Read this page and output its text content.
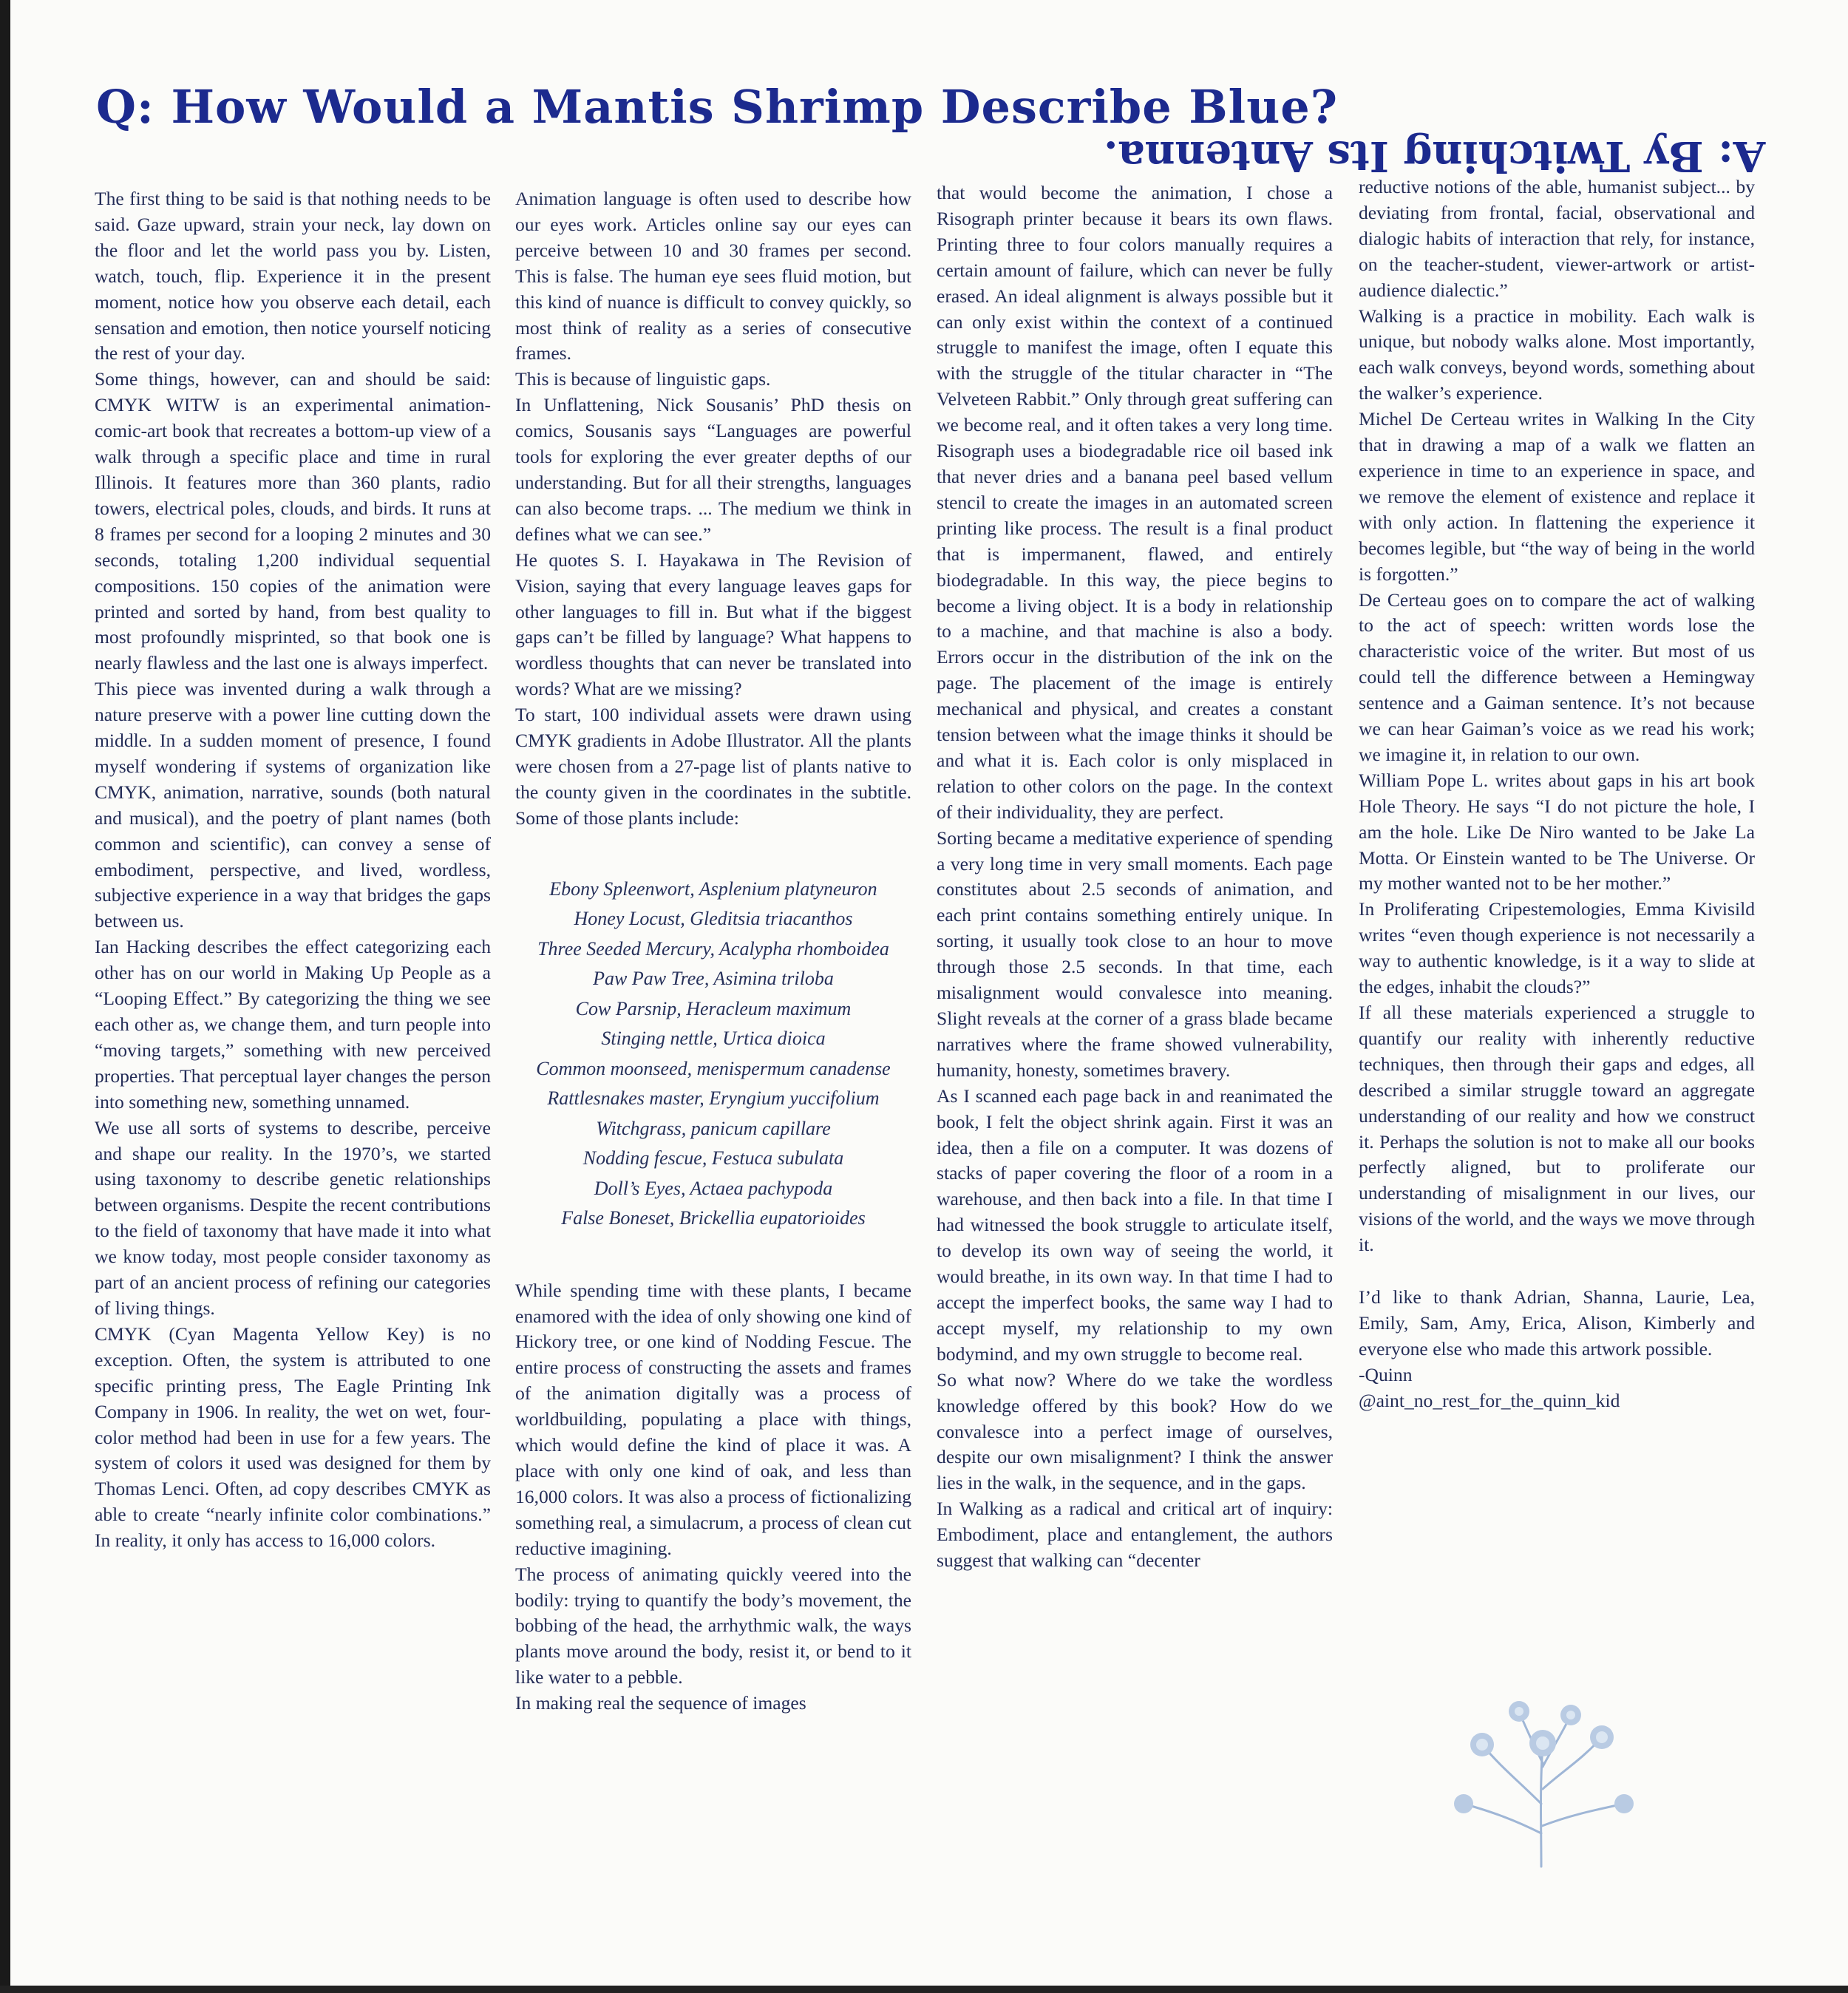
Q: How Would a Mantis Shrimp Describe Blue?
A: By Twitching Its Antenna.

The first thing to be said is that nothing needs to be said. Gaze upward, strain your neck, lay down on the floor and let the world pass you by. Listen, watch, touch, flip. Experience it in the present moment, notice how you observe each detail, each sensation and emotion, then notice yourself noticing the rest of your day.

Some things, however, can and should be said: CMYK WITW is an experimental animation-comic-art book that recreates a bottom-up view of a walk through a specific place and time in rural Illinois. It features more than 360 plants, radio towers, electrical poles, clouds, and birds. It runs at 8 frames per second for a looping 2 minutes and 30 seconds, totaling 1,200 individual sequential compositions. 150 copies of the animation were printed and sorted by hand, from best quality to most profoundly misprinted, so that book one is nearly flawless and the last one is always imperfect.

This piece was invented during a walk through a nature preserve with a power line cutting down the middle. In a sudden moment of presence, I found myself wondering if systems of organization like CMYK, animation, narrative, sounds (both natural and musical), and the poetry of plant names (both common and scientific), can convey a sense of embodiment, perspective, and lived, wordless, subjective experience in a way that bridges the gaps between us.

Ian Hacking describes the effect categorizing each other has on our world in Making Up People as a “Looping Effect.” By categorizing the thing we see each other as, we change them, and turn people into “moving targets,” something with new perceived properties. That perceptual layer changes the person into something new, something unnamed.

We use all sorts of systems to describe, perceive and shape our reality. In the 1970’s, we started using taxonomy to describe genetic relationships between organisms. Despite the recent contributions to the field of taxonomy that have made it into what we know today, most people consider taxonomy as part of an ancient process of refining our categories of living things.

CMYK (Cyan Magenta Yellow Key) is no exception. Often, the system is attributed to one specific printing press, The Eagle Printing Ink Company in 1906. In reality, the wet on wet, four-color method had been in use for a few years. The system of colors it used was designed for them by Thomas Lenci. Often, ad copy describes CMYK as able to create “nearly infinite color combinations.” In reality, it only has access to 16,000 colors.

Animation language is often used to describe how our eyes work. Articles online say our eyes can perceive between 10 and 30 frames per second. This is false. The human eye sees fluid motion, but this kind of nuance is difficult to convey quickly, so most think of reality as a series of consecutive frames.

This is because of linguistic gaps.

In Unflattening, Nick Sousanis’ PhD thesis on comics, Sousanis says “Languages are powerful tools for exploring the ever greater depths of our understanding. But for all their strengths, languages can also become traps. ... The medium we think in defines what we can see.”

He quotes S. I. Hayakawa in The Revision of Vision, saying that every language leaves gaps for other languages to fill in. But what if the biggest gaps can’t be filled by language? What happens to wordless thoughts that can never be translated into words? What are we missing?

To start, 100 individual assets were drawn using CMYK gradients in Adobe Illustrator. All the plants were chosen from a 27-page list of plants native to the county given in the coordinates in the subtitle. Some of those plants include:

Ebony Spleenwort, Asplenium platyneuron
Honey Locust, Gleditsia triacanthos
Three Seeded Mercury, Acalypha rhomboidea
Paw Paw Tree, Asimina triloba
Cow Parsnip, Heracleum maximum
Stinging nettle, Urtica dioica
Common moonseed, menispermum canadense
Rattlesnakes master, Eryngium yuccifolium
Witchgrass, panicum capillare
Nodding fescue, Festuca subulata
Doll’s Eyes, Actaea pachypoda
False Boneset, Brickellia eupatorioides

While spending time with these plants, I became enamored with the idea of only showing one kind of Hickory tree, or one kind of Nodding Fescue. The entire process of constructing the assets and frames of the animation digitally was a process of worldbuilding, populating a place with things, which would define the kind of place it was. A place with only one kind of oak, and less than 16,000 colors. It was also a process of fictionalizing something real, a simulacrum, a process of clean cut reductive imagining.

The process of animating quickly veered into the bodily: trying to quantify the body’s movement, the bobbing of the head, the arrhythmic walk, the ways plants move around the body, resist it, or bend to it like water to a pebble.

In making real the sequence of images

that would become the animation, I chose a Risograph printer because it bears its own flaws. Printing three to four colors manually requires a certain amount of failure, which can never be fully erased. An ideal alignment is always possible but it can only exist within the context of a continued struggle to manifest the image, often I equate this with the struggle of the titular character in “The Velveteen Rabbit.” Only through great suffering can we become real, and it often takes a very long time. Risograph uses a biodegradable rice oil based ink that never dries and a banana peel based vellum stencil to create the images in an automated screen printing like process. The result is a final product that is impermanent, flawed, and entirely biodegradable. In this way, the piece begins to become a living object. It is a body in relationship to a machine, and that machine is also a body. Errors occur in the distribution of the ink on the page. The placement of the image is entirely mechanical and physical, and creates a constant tension between what the image thinks it should be and what it is. Each color is only misplaced in relation to other colors on the page. In the context of their individuality, they are perfect.

Sorting became a meditative experience of spending a very long time in very small moments. Each page constitutes about 2.5 seconds of animation, and each print contains something entirely unique. In sorting, it usually took close to an hour to move through those 2.5 seconds. In that time, each misalignment would convalesce into meaning. Slight reveals at the corner of a grass blade became narratives where the frame showed vulnerability, humanity, honesty, sometimes bravery.

As I scanned each page back in and reanimated the book, I felt the object shrink again. First it was an idea, then a file on a computer. It was dozens of stacks of paper covering the floor of a room in a warehouse, and then back into a file. In that time I had witnessed the book struggle to articulate itself, to develop its own way of seeing the world, it would breathe, in its own way. In that time I had to accept the imperfect books, the same way I had to accept myself, my relationship to my own bodymind, and my own struggle to become real.

So what now? Where do we take the wordless knowledge offered by this book? How do we convalesce into a perfect image of ourselves, despite our own misalignment? I think the answer lies in the walk, in the sequence, and in the gaps.

In Walking as a radical and critical art of inquiry: Embodiment, place and entanglement, the authors suggest that walking can “decenter

reductive notions of the able, humanist subject... by deviating from frontal, facial, observational and dialogic habits of interaction that rely, for instance, on the teacher-student, viewer-artwork or artist-audience dialectic.”

Walking is a practice in mobility. Each walk is unique, but nobody walks alone. Most importantly, each walk conveys, beyond words, something about the walker’s experience.

Michel De Certeau writes in Walking In the City that in drawing a map of a walk we flatten an experience in time to an experience in space, and we remove the element of existence and replace it with only action. In flattening the experience it becomes legible, but “the way of being in the world is forgotten.”

De Certeau goes on to compare the act of walking to the act of speech: written words lose the characteristic voice of the writer. But most of us could tell the difference between a Hemingway sentence and a Gaiman sentence. It’s not because we can hear Gaiman’s voice as we read his work; we imagine it, in relation to our own.

William Pope L. writes about gaps in his art book Hole Theory. He says “I do not picture the hole, I am the hole. Like De Niro wanted to be Jake La Motta. Or Einstein wanted to be The Universe. Or my mother wanted not to be her mother.”

In Proliferating Cripestemologies, Emma Kivisild writes “even though experience is not necessarily a way to authentic knowledge, is it a way to slide at the edges, inhabit the clouds?”

If all these materials experienced a struggle to quantify our reality with inherently reductive techniques, then through their gaps and edges, all described a similar struggle toward an aggregate understanding of our reality and how we construct it. Perhaps the solution is not to make all our books perfectly aligned, but to proliferate our understanding of misalignment in our lives, our visions of the world, and the ways we move through it.

I’d like to thank Adrian, Shanna, Laurie, Lea, Emily, Sam, Amy, Erica, Alison, Kimberly and everyone else who made this artwork possible.

-Quinn

@aint_no_rest_for_the_quinn_kid
